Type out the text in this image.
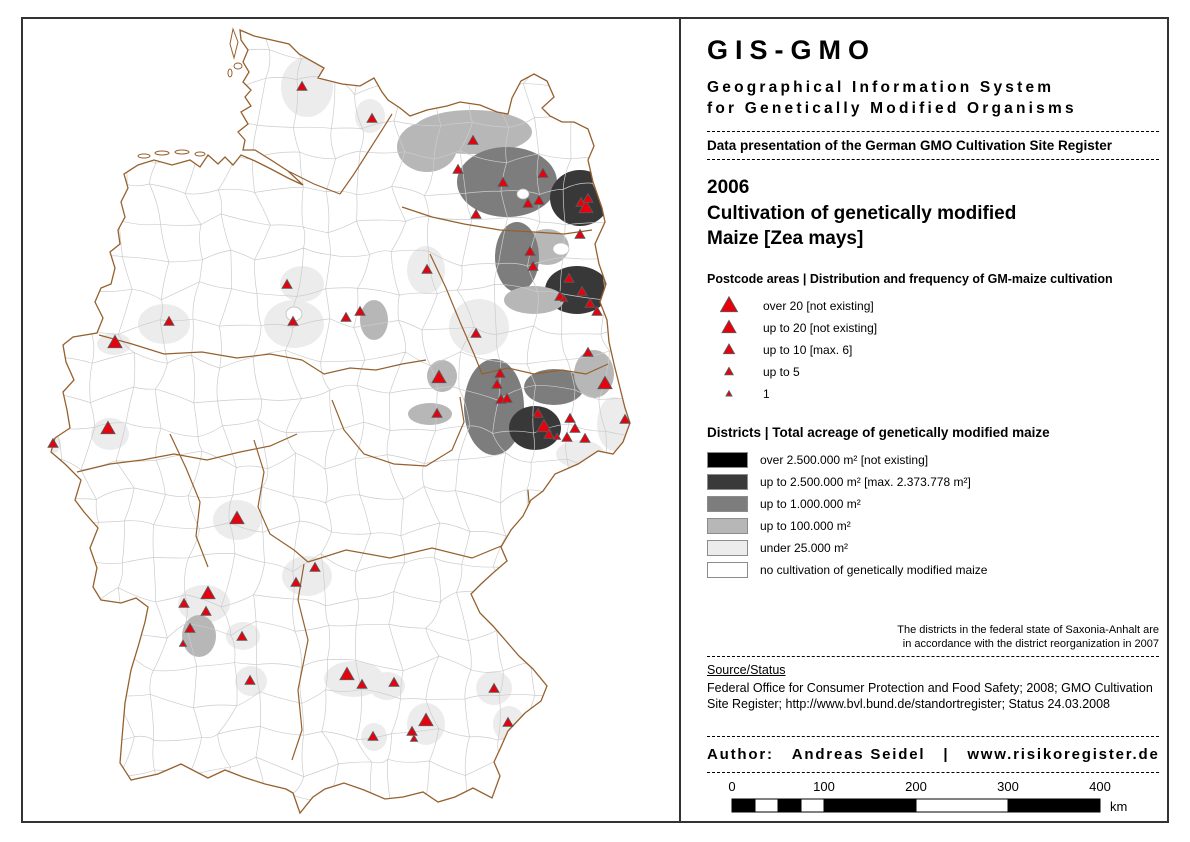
GIS-GMO
Geographical Information System
for Genetically Modified Organisms
Data presentation of the German GMO Cultivation Site Register
2006
Cultivation of genetically modified
Maize [Zea mays]
Postcode areas | Distribution and frequency of GM-maize cultivation
over 20 [not existing]
up to 20 [not existing]
up to 10 [max. 6]
up to 5
1
Districts | Total acreage of genetically modified maize
over 2.500.000 m² [not existing]
up to 2.500.000 m² [max. 2.373.778 m²]
up to 1.000.000 m²
up to 100.000 m²
under 25.000 m²
no cultivation of genetically modified maize
The districts in the federal state of Saxonia-Anhalt are
in accordance with the district reorganization in 2007
Source/Status
Federal Office for Consumer Protection and Food Safety; 2008; GMO Cultivation
Site Register; http://www.bvl.bund.de/standortregister; Status 24.03.2008
Author: Andreas Seidel | www.risikoregister.de
0	100	200	300	400
km
